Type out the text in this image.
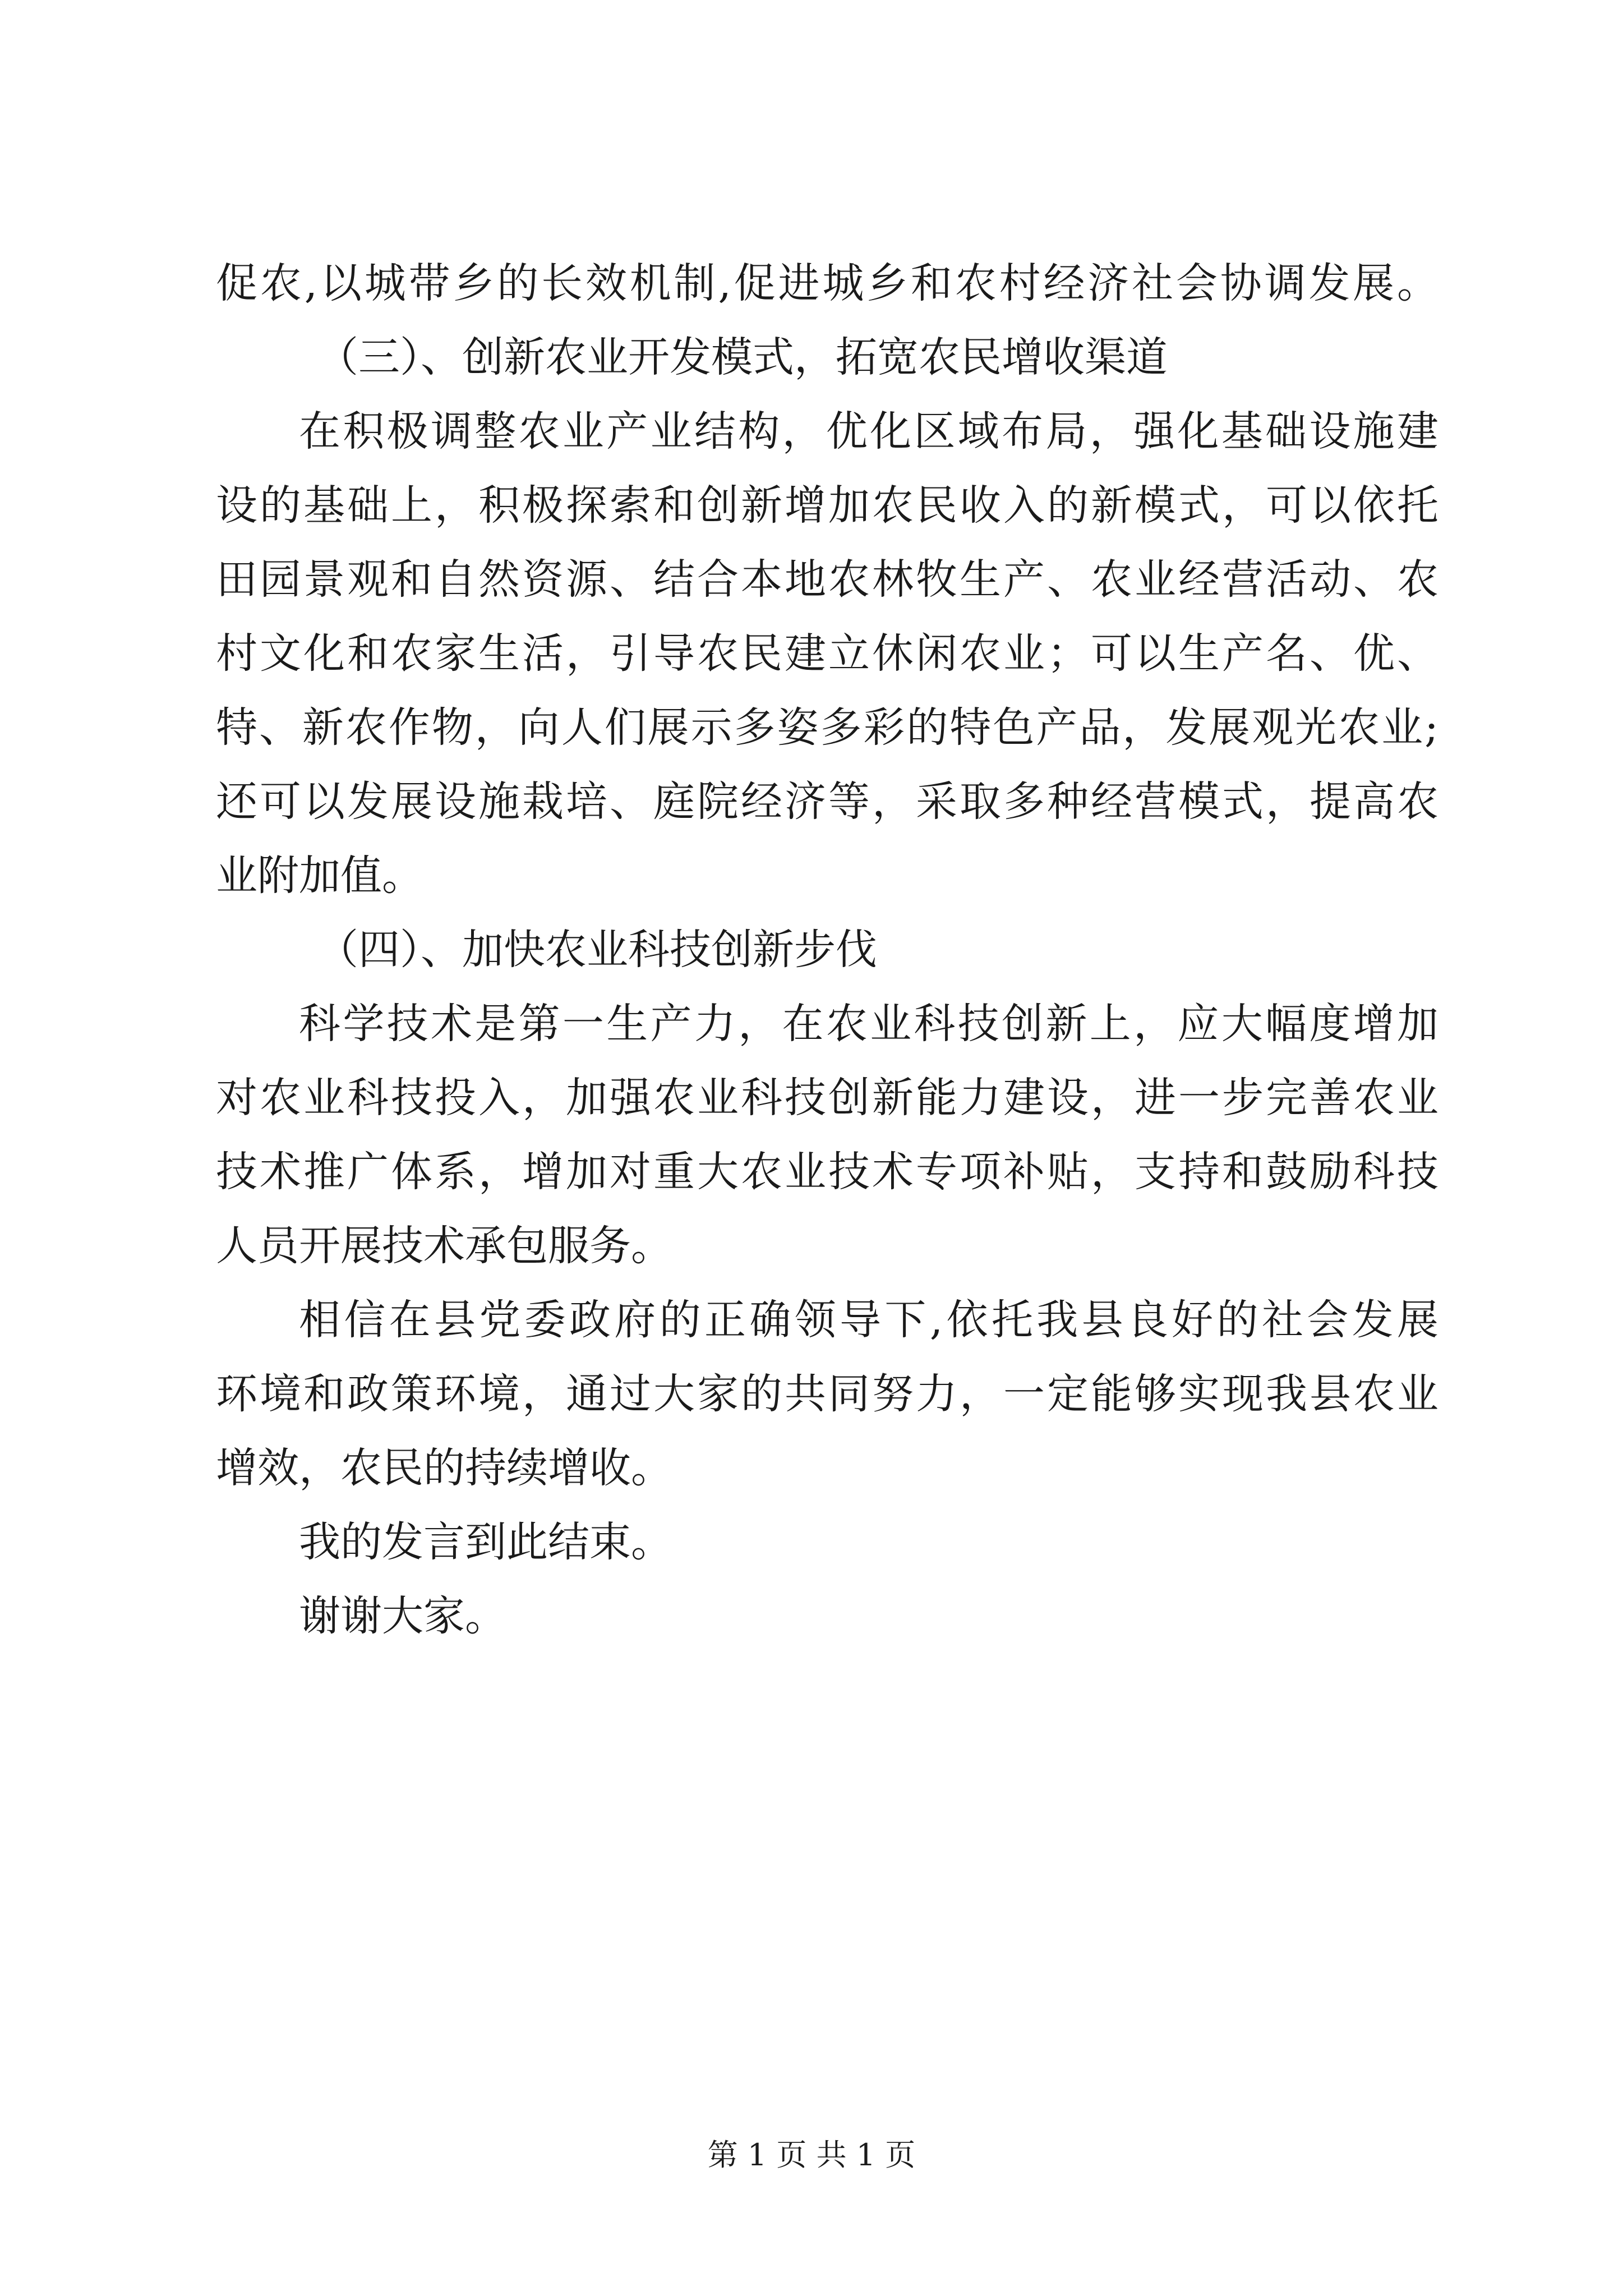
促农,以城带乡的长效机制,促进城乡和农村经济社会协调发展。

（三）、创新农业开发模式，拓宽农民增收渠道

在积极调整农业产业结构，优化区域布局，强化基础设施建

设的基础上，积极探索和创新增加农民收入的新模式，可以依托

田园景观和自然资源、结合本地农林牧生产、农业经营活动、农

村文化和农家生活，引导农民建立休闲农业；可以生产名、优、

特、新农作物，向人们展示多姿多彩的特色产品，发展观光农业;

还可以发展设施栽培、庭院经济等，采取多种经营模式，提高农

业附加值。

（四）、加快农业科技创新步伐

科学技术是第一生产力，在农业科技创新上，应大幅度增加

对农业科技投入，加强农业科技创新能力建设，进一步完善农业

技术推广体系，增加对重大农业技术专项补贴，支持和鼓励科技

人员开展技术承包服务。

相信在县党委政府的正确领导下,依托我县良好的社会发展

环境和政策环境，通过大家的共同努力，一定能够实现我县农业

增效，农民的持续增收。

我的发言到此结束。

谢谢大家。

第 1 页 共 1 页
